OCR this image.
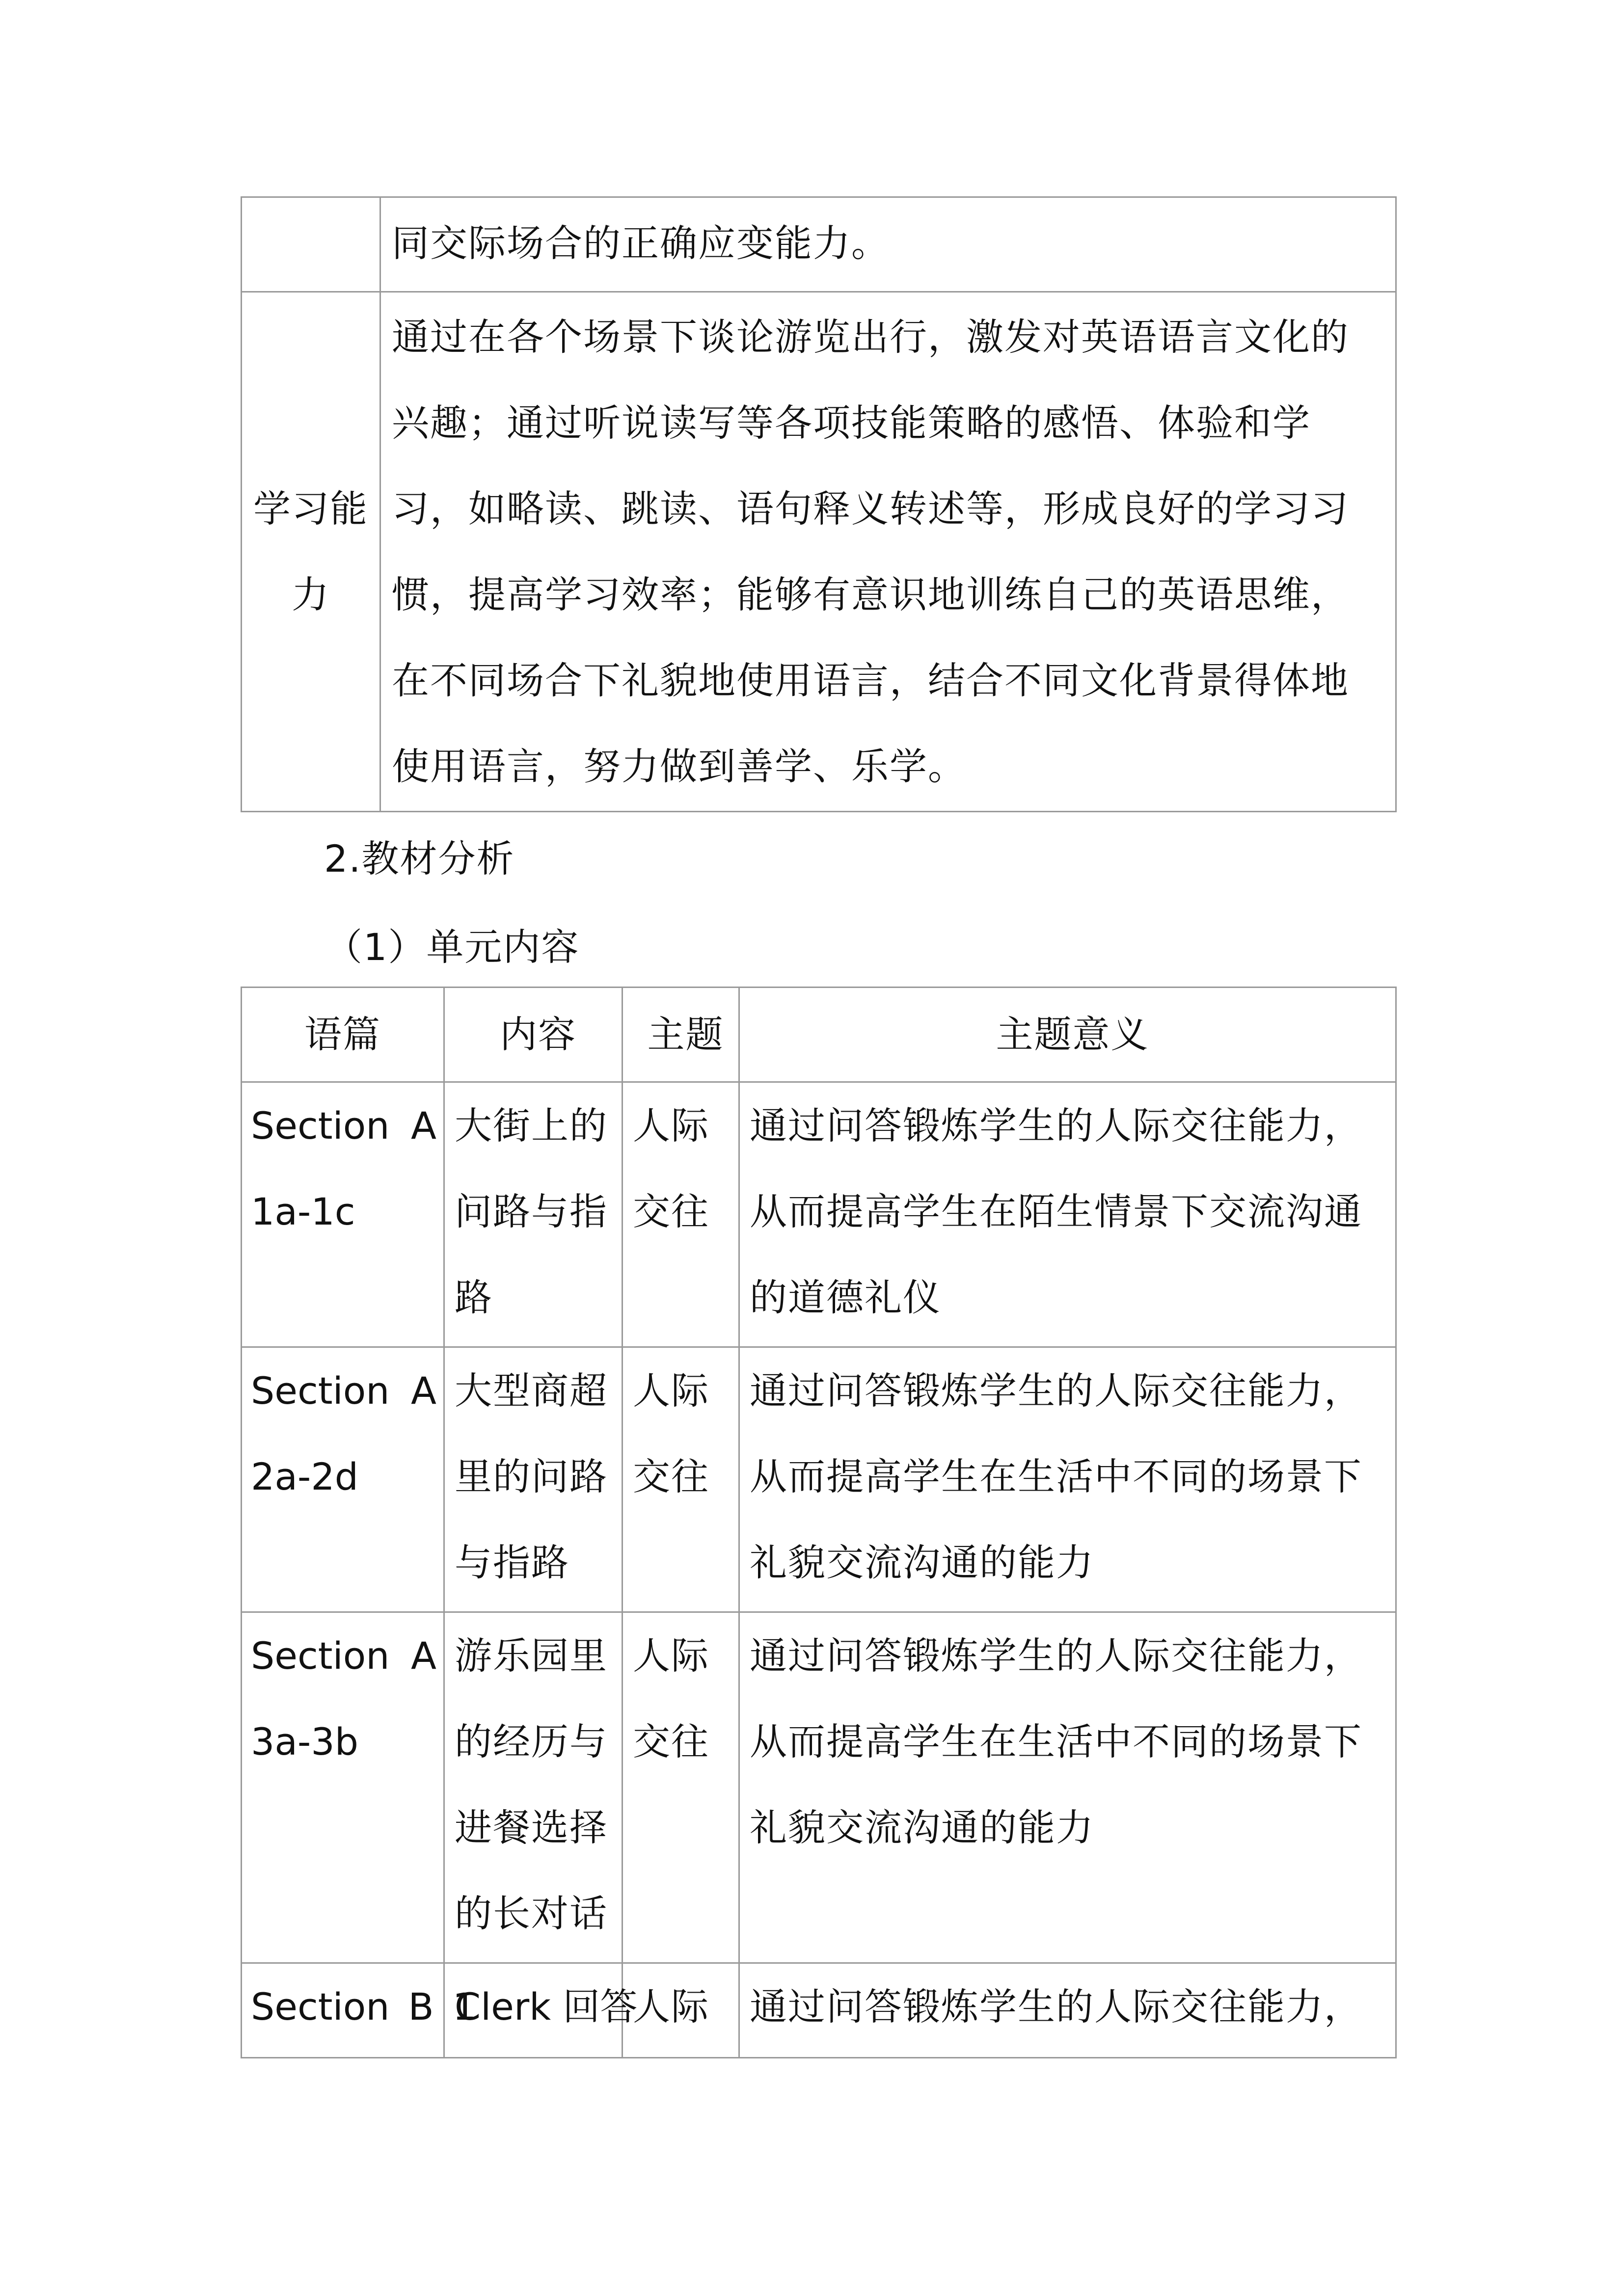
	同交际场合的正确应变能力。

学习能力	通过在各个场景下谈论游览出行，激发对英语语言文化的兴趣；通过听说读写等各项技能策略的感悟、体验和学习，如略读、跳读、语句释义转述等，形成良好的学习习惯，提高学习效率；能够有意识地训练自己的英语思维，在不同场合下礼貌地使用语言，结合不同文化背景得体地使用语言，努力做到善学、乐学。
2.教材分析
（1）单元内容
语篇	内容	主题	主题意义

Section A 1a-1c	大街上的问路与指路	人际交往	通过问答锻炼学生的人际交往能力，从而提高学生在陌生情景下交流沟通的道德礼仪

Section A 2a-2d	大型商超里的问路与指路	人际交往	通过问答锻炼学生的人际交往能力，从而提高学生在生活中不同的场景下礼貌交流沟通的能力

Section A 3a-3b	游乐园里的经历与进餐选择的长对话	人际交往	通过问答锻炼学生的人际交往能力，从而提高学生在生活中不同的场景下礼貌交流沟通的能力

Section B 1	Clerk 回答	人际	通过问答锻炼学生的人际交往能力，
